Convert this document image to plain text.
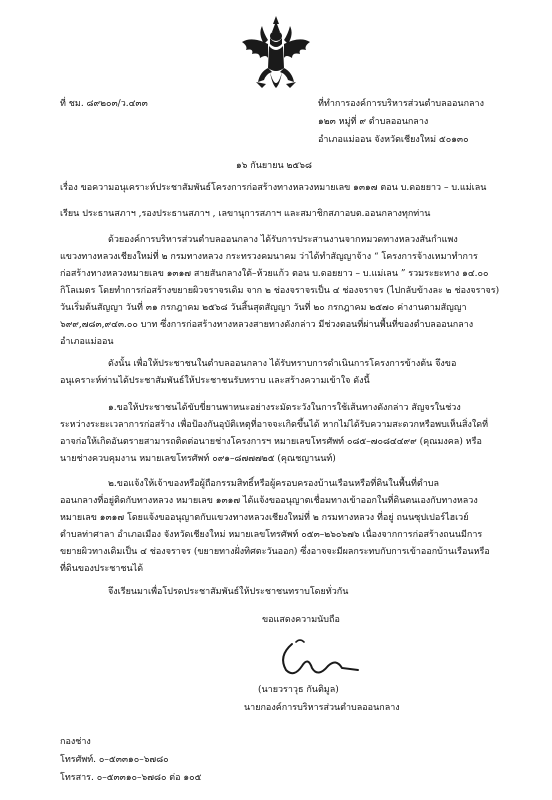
ที่ ชม. ๘๙๒๐๓/ว.๔๓๓	ที่ทำการองค์การบริหารส่วนตำบลออนกลาง
๑๒๓ หมู่ที่ ๙ ตำบลออนกลาง
อำเภอแม่ออน จังหวัดเชียงใหม่ ๕๐๑๓๐
๑๖ กันยายน ๒๕๖๘
เรื่อง ขอความอนุเคราะห์ประชาสัมพันธ์โครงการก่อสร้างทางหลวงหมายเลข ๑๓๑๗ ตอน บ.ดอยยาว – บ.แม่เลน
เรียน ประธานสภาฯ ,รองประธานสภาฯ , เลขานุการสภาฯ และสมาชิกสภาอบต.ออนกลางทุกท่าน
ด้วยองค์การบริหารส่วนตำบลออนกลาง ได้รับการประสานงานจากหมวดทางหลวงสันกำแพง
แขวงทางหลวงเชียงใหม่ที่ ๒ กรมทางหลวง กระทรวงคมนาคม ว่าได้ทำสัญญาจ้าง “ โครงการจ้างเหมาทำการ
ก่อสร้างทางหลวงหมายเลข ๑๓๑๗ สายสันกลางใต้–ห้วยแก้ว ตอน บ.ดอยยาว – บ.แม่เลน ” รวมระยะทาง ๑๔.๐๐
กิโลเมตร โดยทำการก่อสร้างขยายผิวจราจรเดิม จาก ๒ ช่องจราจรเป็น ๔ ช่องจราจร (ไปกลับข้างละ ๒ ช่องจราจร)
วันเริ่มต้นสัญญา วันที่ ๓๑ กรกฎาคม ๒๕๖๘ วันสิ้นสุดสัญญา วันที่ ๒๐ กรกฎาคม ๒๕๗๐ ค่างานตามสัญญา
๖๙๙,๗๘๓,๙๔๓.๐๐ บาท ซึ่งการก่อสร้างทางหลวงสายทางดังกล่าว มีช่วงตอนที่ผ่านพื้นที่ของตำบลออนกลาง
อำเภอแม่ออน
ดังนั้น เพื่อให้ประชาชนในตำบลออนกลาง ได้รับทราบการดำเนินการโครงการข้างต้น จึงขอ
อนุเคราะห์ท่านได้ประชาสัมพันธ์ให้ประชาชนรับทราบ และสร้างความเข้าใจ ดังนี้
๑.ขอให้ประชาชนได้ขับขี่ยานพาหนะอย่างระมัดระวังในการใช้เส้นทางดังกล่าว สัญจรในช่วง
ระหว่างระยะเวลาการก่อสร้าง เพื่อป้องกันอุบัติเหตุที่อาจจะเกิดขึ้นได้ หากไม่ได้รับความสะดวกหรือพบเห็นสิ่งใดที่
อาจก่อให้เกิดอันตรายสามารถติดต่อนายช่างโครงการฯ หมายเลขโทรศัพท์ ๐๘๕–๗๐๘๔๔๙๙ (คุณมงคล) หรือ
นายช่างควบคุมงาน หมายเลขโทรศัพท์ ๐๙๑–๘๗๗๗๒๕ (คุณชญานนท์)
๒.ขอแจ้งให้เจ้าของหรือผู้ถือกรรมสิทธิ์หรือผู้ครอบครองบ้านเรือนหรือที่ดินในพื้นที่ตำบล
ออนกลางที่อยู่ติดกับทางหลวง หมายเลข ๑๓๑๗ ได้แจ้งขออนุญาตเชื่อมทางเข้าออกในที่ดินตนเองกับทางหลวง
หมายเลข ๑๓๑๗ โดยแจ้งขออนุญาตกับแขวงทางหลวงเชียงใหม่ที่ ๒ กรมทางหลวง ที่อยู่ ถนนซุปเปอร์ไฮเวย์
ตำบลท่าศาลา อำเภอเมือง จังหวัดเชียงใหม่ หมายเลขโทรศัพท์ ๐๕๓–๒๖๐๖๗๖ เนื่องจากการก่อสร้างถนนมีการ
ขยายผิวทางเดิมเป็น ๔ ช่องจราจร (ขยายทางฝั่งทิศตะวันออก) ซึ่งอาจจะมีผลกระทบกับการเข้าออกบ้านเรือนหรือ
ที่ดินของประชาชนได้
จึงเรียนมาเพื่อโปรดประชาสัมพันธ์ให้ประชาชนทราบโดยทั่วกัน
ขอแสดงความนับถือ
(นายวราวุธ กันติมูล)
นายกองค์การบริหารส่วนตำบลออนกลาง
กองช่าง
โทรศัพท์. ๐–๕๓๓๑๐–๖๗๘๐
โทรสาร. ๐–๕๓๓๑๐–๖๗๘๐ ต่อ ๑๐๕
